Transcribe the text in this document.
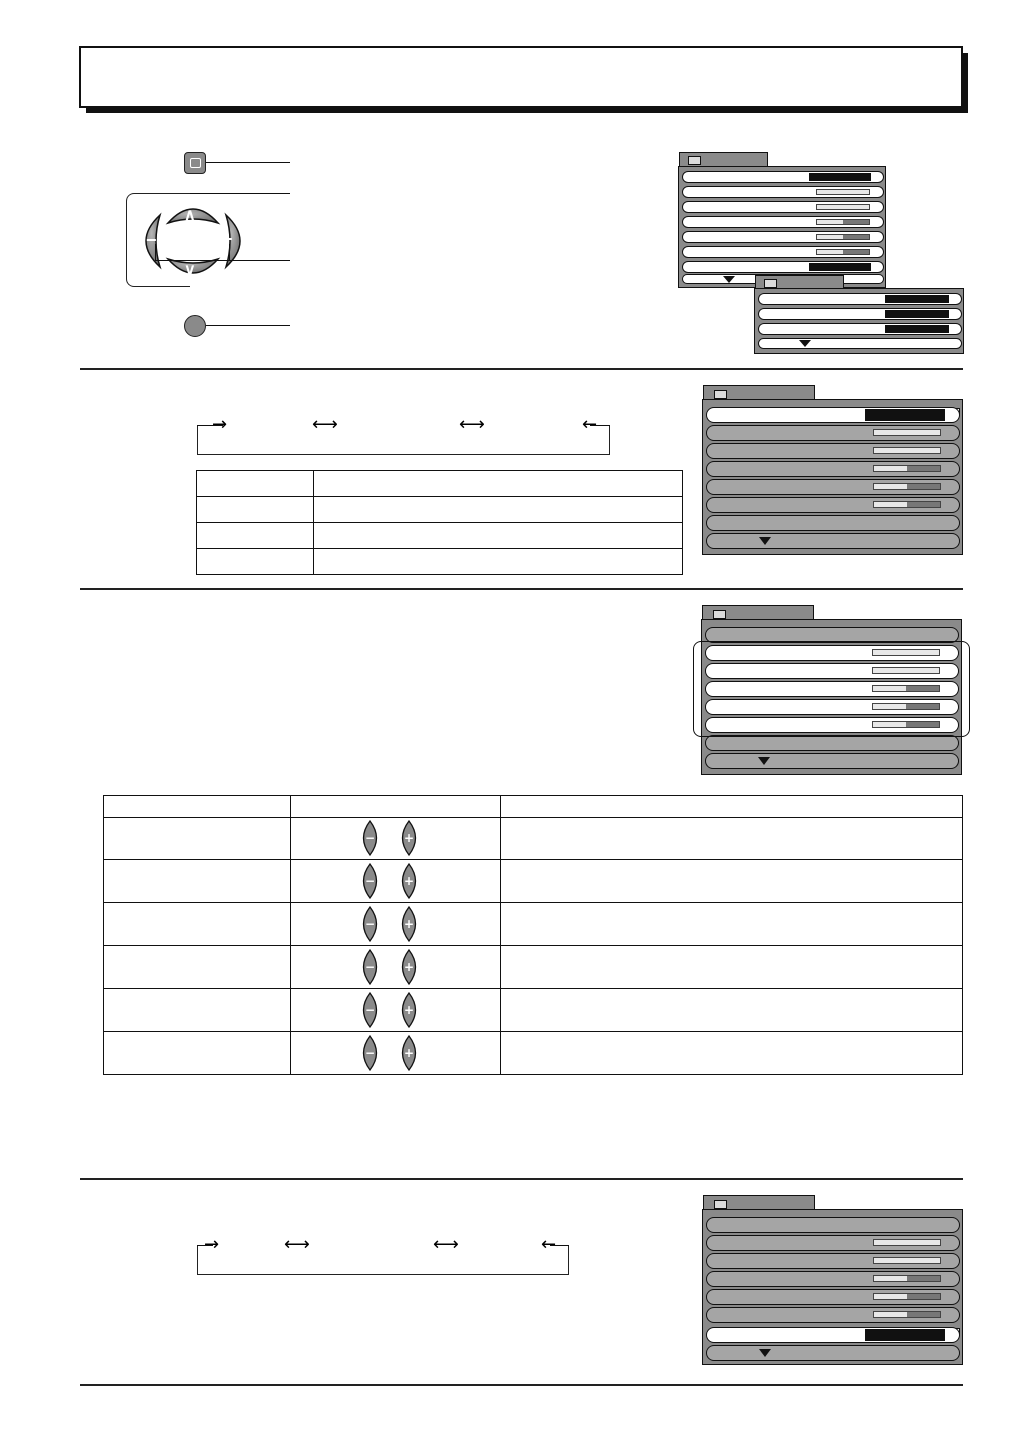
∧
∨
−	+
→	⟷	⟷	←

− +
− +
− +
− +
− +
− +
→	⟷	⟷	←
